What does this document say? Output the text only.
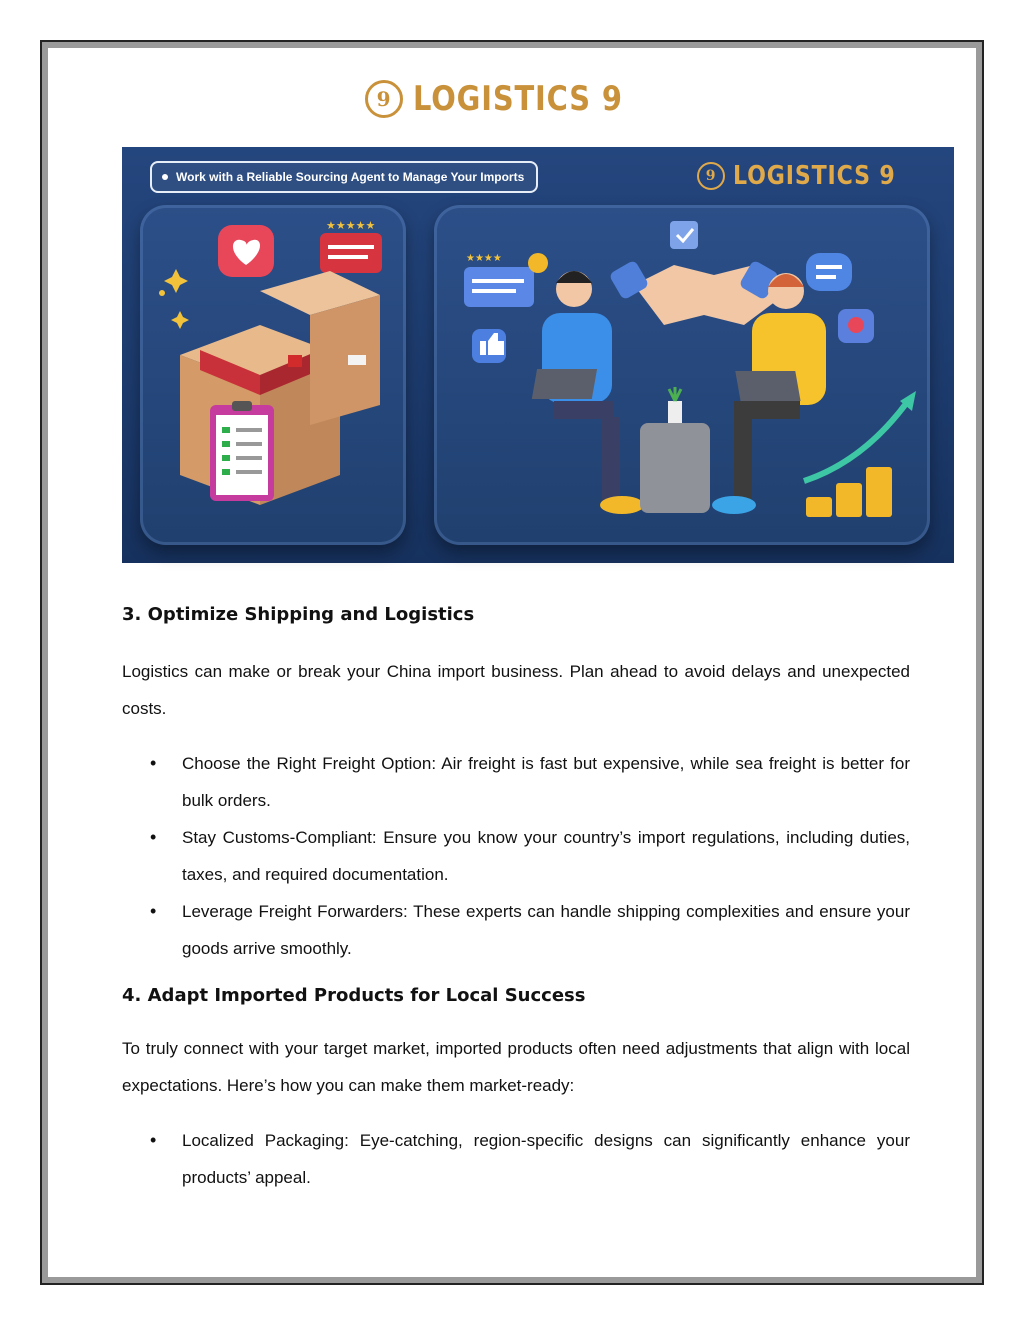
9 LOGISTICS 9
Work with a Reliable Sourcing Agent to Manage Your Imports	9 LOGISTICS 9
★★★★★
★★★★
3. Optimize Shipping and Logistics

Logistics can make or break your China import business. Plan ahead to avoid delays and unexpected costs.

• Choose the Right Freight Option: Air freight is fast but expensive, while sea freight is better for bulk orders.
• Stay Customs-Compliant: Ensure you know your country’s import regulations, including duties, taxes, and required documentation.
• Leverage Freight Forwarders: These experts can handle shipping complexities and ensure your goods arrive smoothly.
4. Adapt Imported Products for Local Success

To truly connect with your target market, imported products often need adjustments that align with local expectations. Here’s how you can make them market-ready:

• Localized Packaging: Eye-catching, region-specific designs can significantly enhance your products’ appeal.
